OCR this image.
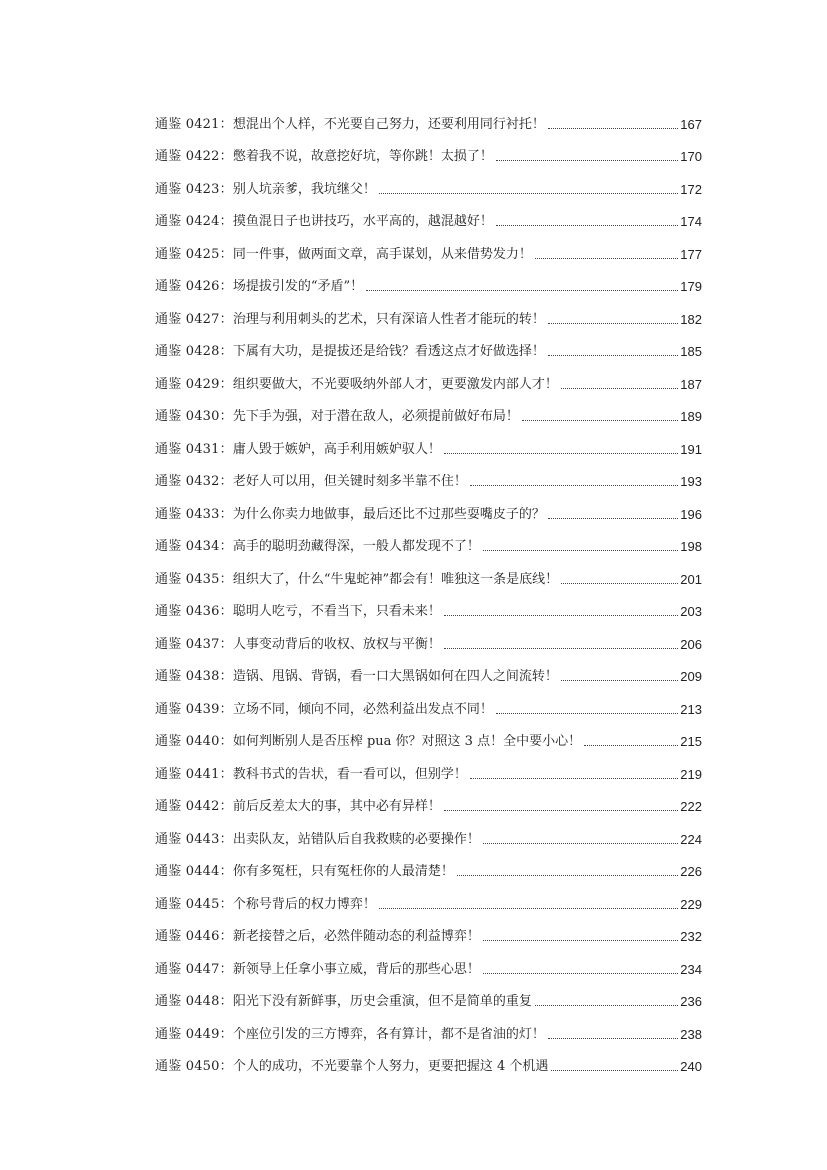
通鉴 0421： 想混出个人样，不光要自己努力，还要利用同行衬托！	167
通鉴 0422： 憋着我不说，故意挖好坑，等你跳！太损了！	170
通鉴 0423： 别人坑亲爹，我坑继父！	172
通鉴 0424： 摸鱼混日子也讲技巧，水平高的，越混越好！	174
通鉴 0425： 同一件事，做两面文章，高手谋划，从来借势发力！	177
通鉴 0426： 场提拔引发的“矛盾”！	179
通鉴 0427： 治理与利用刺头的艺术，只有深谙人性者才能玩的转！	182
通鉴 0428： 下属有大功，是提拔还是给钱？看透这点才好做选择！	185
通鉴 0429： 组织要做大，不光要吸纳外部人才，更要激发内部人才！	187
通鉴 0430： 先下手为强，对于潜在敌人，必须提前做好布局！	189
通鉴 0431： 庸人毁于嫉妒，高手利用嫉妒驭人！	191
通鉴 0432： 老好人可以用，但关键时刻多半靠不住！	193
通鉴 0433： 为什么你卖力地做事，最后还比不过那些耍嘴皮子的？	196
通鉴 0434： 高手的聪明劲藏得深，一般人都发现不了！	198
通鉴 0435： 组织大了，什么“牛鬼蛇神”都会有！唯独这一条是底线！	201
通鉴 0436： 聪明人吃亏，不看当下，只看未来！	203
通鉴 0437： 人事变动背后的收权、放权与平衡！	206
通鉴 0438： 造锅、甩锅、背锅，看一口大黑锅如何在四人之间流转！	209
通鉴 0439： 立场不同，倾向不同，必然利益出发点不同！	213
通鉴 0440： 如何判断别人是否压榨 pua 你？对照这 3 点！全中要小心！	215
通鉴 0441： 教科书式的告状，看一看可以，但别学！	219
通鉴 0442： 前后反差太大的事，其中必有异样！	222
通鉴 0443： 出卖队友，站错队后自我救赎的必要操作！	224
通鉴 0444： 你有多冤枉，只有冤枉你的人最清楚！	226
通鉴 0445： 个称号背后的权力博弈！	229
通鉴 0446： 新老接替之后，必然伴随动态的利益博弈！	232
通鉴 0447： 新领导上任拿小事立威，背后的那些心思！	234
通鉴 0448： 阳光下没有新鲜事，历史会重演，但不是简单的重复	236
通鉴 0449： 个座位引发的三方博弈，各有算计，都不是省油的灯！	238
通鉴 0450： 个人的成功，不光要靠个人努力，更要把握这 4 个机遇	240
